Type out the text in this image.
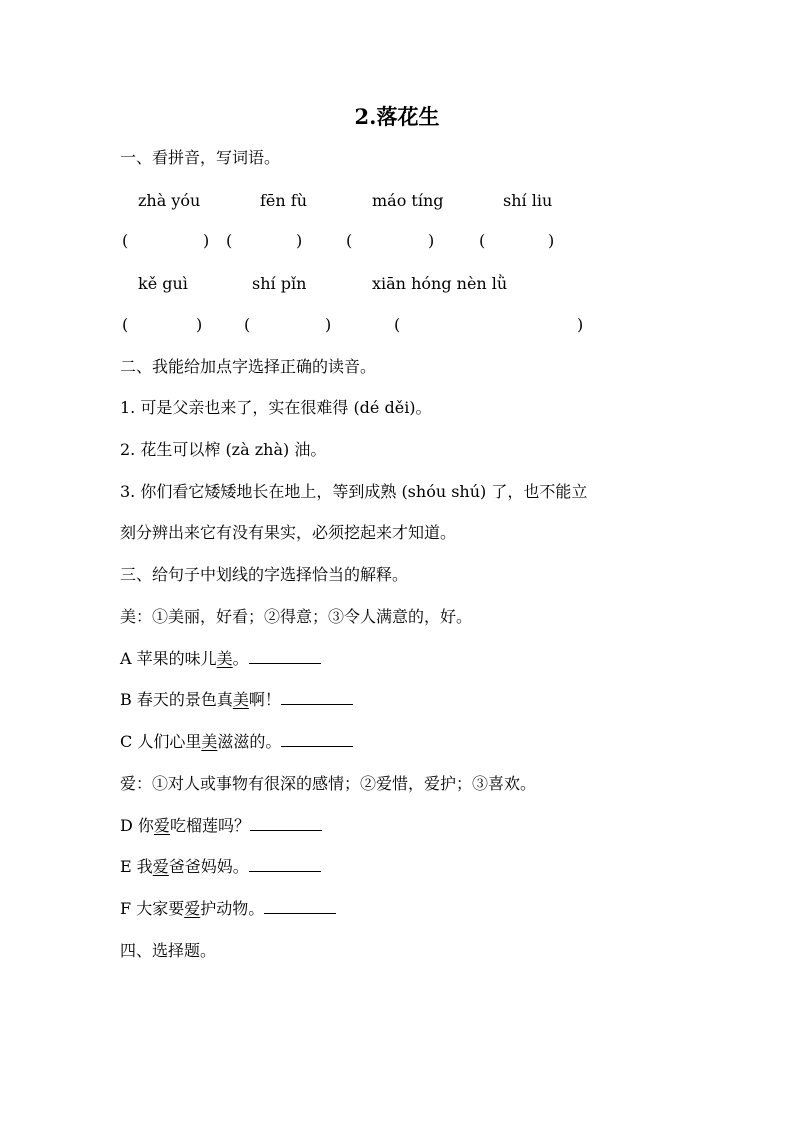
2.落花生
一、看拼音，写词语。
zhà yóu	fēn fù	máo tíng	shí liu
(	) (	)	(	)	(	)
kě guì	shí pǐn	xiān hóng nèn lǜ
(	)	(	)	(	)
二、我能给加点字选择正确的读音。
1. 可是父亲也来了，实在很难得 (dé děi)。
2. 花生可以榨 (zà zhà) 油。
3. 你们看它矮矮地长在地上，等到成熟 (shóu shú) 了，也不能立
刻分辨出来它有没有果实，必须挖起来才知道。
三、给句子中划线的字选择恰当的解释。
美：①美丽，好看；②得意；③令人满意的，好。
A 苹果的味儿美。
B 春天的景色真美啊！
C 人们心里美滋滋的。
爱：①对人或事物有很深的感情；②爱惜，爱护；③喜欢。
D 你爱吃榴莲吗？
E 我爱爸爸妈妈。
F 大家要爱护动物。
四、选择题。
